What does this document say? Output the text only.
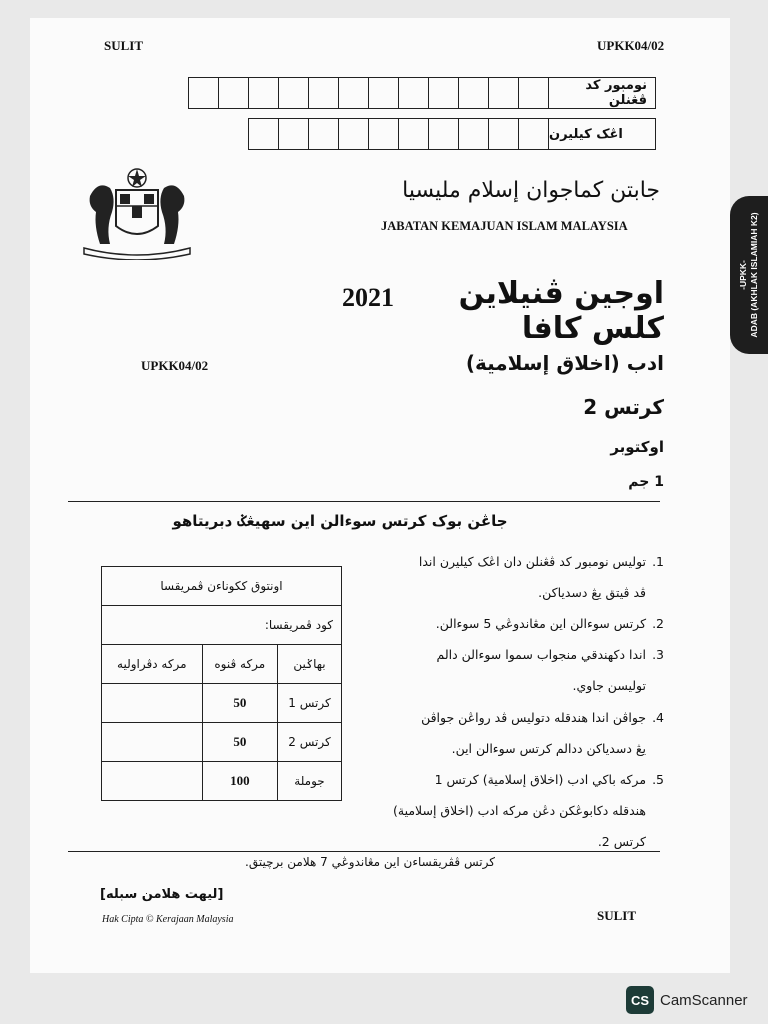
SULIT	UPKK04/02
نومبور كد ڤڠنلن
اڠک کيليرن
جابتن كماجوان إسلام مليسيا
JABATAN KEMAJUAN ISLAM MALAYSIA
-UPKK- ADAB (AKHLAK ISLAMIAH K2)
اوجين ڤنيلاين كلس كافا
2021
UPKK04/02	ادب (اخلاق إسلامية)
كرتس 2
اوكتوبر
1 جم
جاڠن بوک کرتس سوءالن اين سهيڠݢ دبريتاهو
اونتوق ككوناءن ڤمريقسا		
كود ڤمريقسا:		
بهاݢين	مركه ڤنوه	مركه دڤراوليه
كرتس 1	50	
كرتس 2	50	
جوملة	100	
1. توليس نومبور كد ڤڠنلن دان اڠک کيليرن اندا
ڤد ڤيتق يڠ دسدياكن.
2. كرتس سوءالن اين مڠاندوڠي 5 سوءالن.
3. اندا دكهندقي منجواب سموا سوءالن دالم
توليسن جاوي.
4. جواڤن اندا هندقله دتوليس ڤد رواڠن جواڤن
يڠ دسدياكن ددالم كرتس سوءالن اين.
5. مركه باكي ادب (اخلاق إسلامية) كرتس 1
هندقله دكابوڠكن دڠن مركه ادب (اخلاق إسلامية)
كرتس 2.
كرتس ڤڤريقساءن اين مڠاندوڠي 7 هلامن برچيتق.
[ليهت هلامن سبله]
Hak Cipta © Kerajaan Malaysia	SULIT
CS CamScanner
